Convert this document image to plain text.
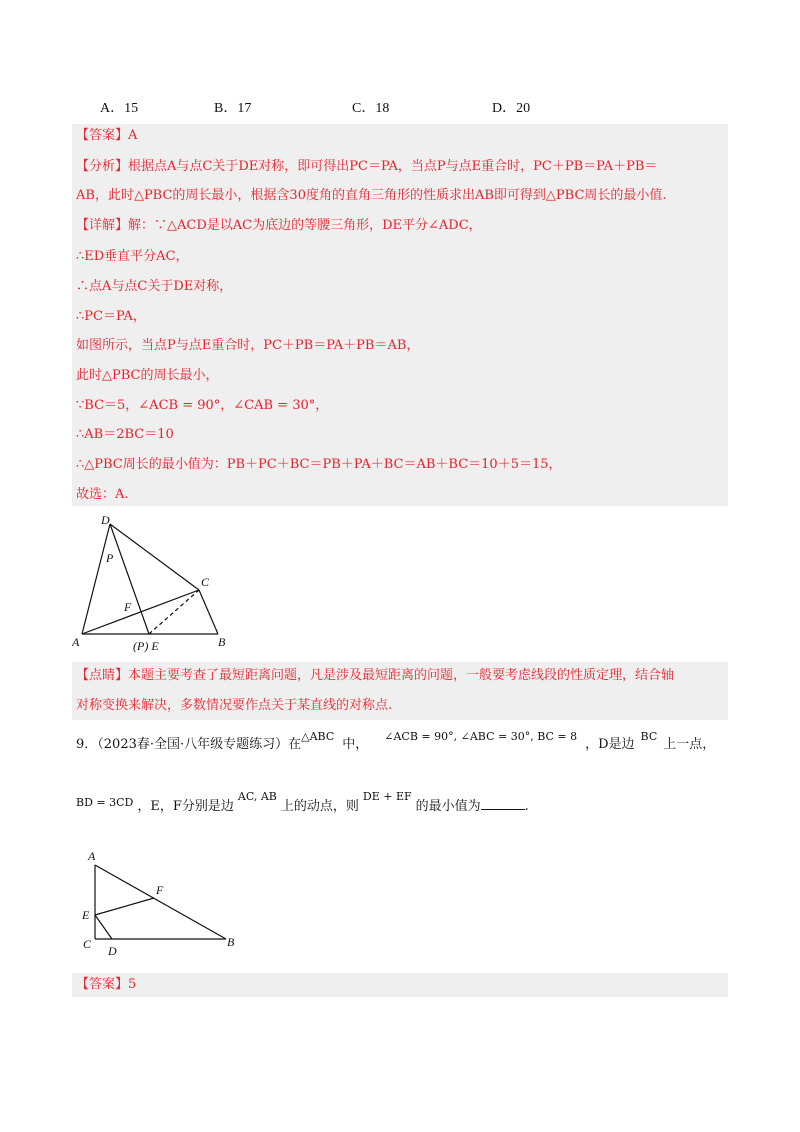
A．15	B．17	C．18	D．20
【答案】A
【分析】根据点A与点C关于DE对称，即可得出PC＝PA，当点P与点E重合时，PC＋PB＝PA＋PB＝
AB，此时△PBC的周长最小，根据含30度角的直角三角形的性质求出AB即可得到△PBC周长的最小值.
【详解】解：∵△ACD是以AC为底边的等腰三角形，DE平分∠ADC，
∴ED垂直平分AC，
∴点A与点C关于DE对称，
∴PC＝PA，
如图所示，当点P与点E重合时，PC＋PB＝PA＋PB＝AB，
此时△PBC的周长最小，
∵BC＝5，∠ACB = 90°，∠CAB = 30°，
∴AB＝2BC＝10
∴△PBC周长的最小值为：PB＋PC＋BC＝PB＋PA＋BC＝AB＋BC＝10＋5＝15，
故选：A.
D
P
C
F
A	(P) E	B
【点睛】本题主要考查了最短距离问题，凡是涉及最短距离的问题，一般要考虑线段的性质定理，结合轴
对称变换来解决，多数情况要作点关于某直线的对称点.
9．（2023春·全国·八年级专题练习）在$^{\triangle ABC}$中，$^{\angle ACB = 90^\circ, \angle ABC = 30^\circ, BC = 8}$，D是边$^{BC}$上一点，
$^{BD = 3CD}$ ，E，F分别是边$^{AC, AB}$上的动点，则$^{DE + EF}$的最小值为	.
A
F
E
C D
B
【答案】5
